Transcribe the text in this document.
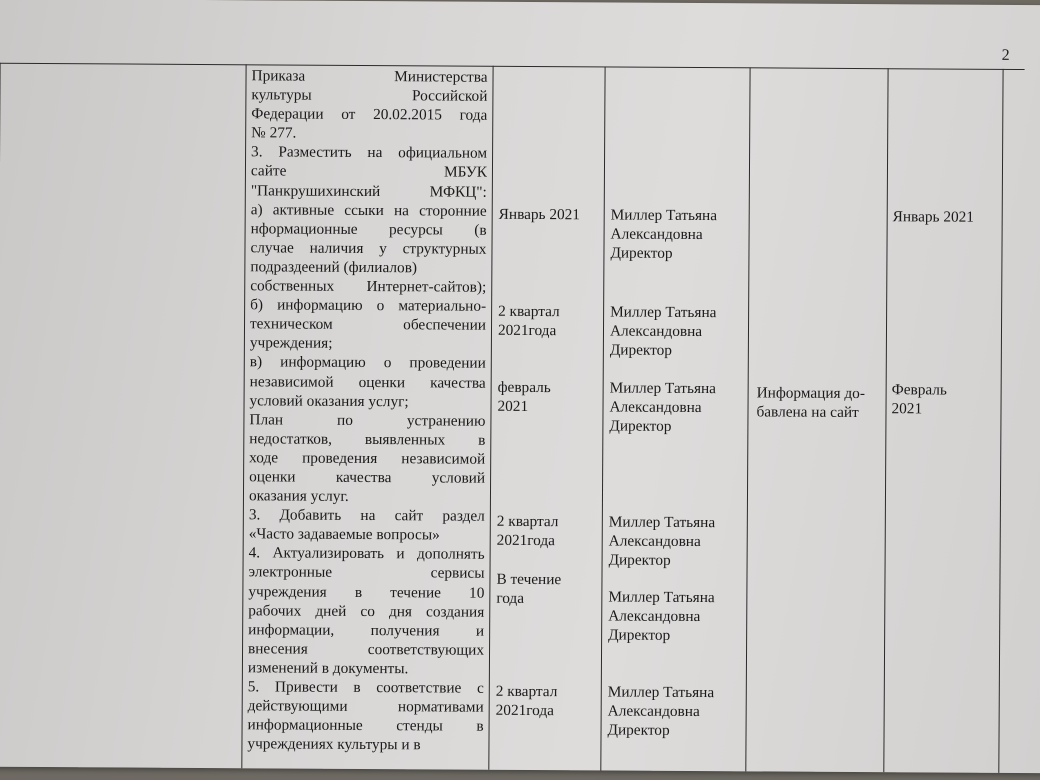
2
Приказа Министерства
культуры Российской
Федерации от 20.02.2015 года
№ 277.
3. Разместить на официальном
сайте МБУК
"Панкрушихинский МФКЦ":
а) активные ссыки на сторонние
нформационные ресурсы (в
случае наличия у структурных
подраздеений (филиалов)
собственных Интернет-сайтов);
б) информацию о материально-
техническом обеспечении
учреждения;
в) информацию о проведении
независимой оценки качества
условий оказания услуг;
План по устранению
недостатков, выявленных в
ходе проведения независимой
оценки качества условий
оказания услуг.
3. Добавить на сайт раздел
«Часто задаваемые вопросы»
4. Актуализировать и дополнять
электронные сервисы
учреждения в течение 10
рабочих дней со дня создания
информации, получения и
внесения соответствующих
изменений в документы.
5. Привести в соответствие с
действующими нормативами
информационные стенды в
учреждениях культуры и в
Январь 2021
2 квартал
2021года
февраль
2021
2 квартал
2021года
В течение
года
2 квартал
2021года
Миллер Татьяна
Александовна
Директор
Миллер Татьяна
Александовна
Директор
Миллер Татьяна
Александовна
Директор
Миллер Татьяна
Александовна
Директор
Миллер Татьяна
Александовна
Директор
Миллер Татьяна
Александовна
Директор
Информация до-
бавлена на сайт
Январь 2021
Февраль
2021
